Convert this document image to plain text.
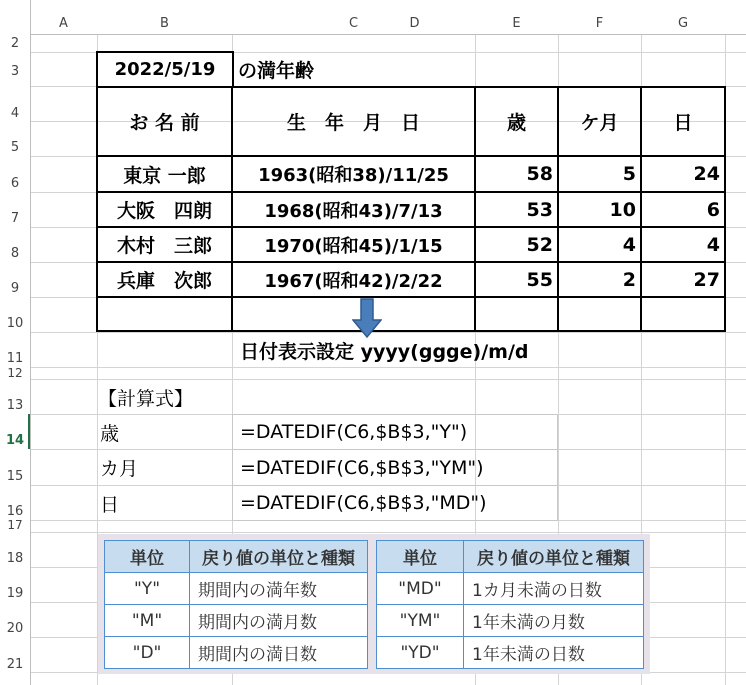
A	B	C	D	E	F	G
2
3
4
5
6
7
8
9
10
11
12
13
14
15
16
17
18
19
20
21
2022/5/19	の満年齢
お 名 前	生　年　月　日	歳	ケ月	日
東京 一郎	1963(昭和38)/11/25	58	5	24
大阪　四朗	1968(昭和43)/7/13	53	10	6
木村　三郎	1970(昭和45)/1/15	52	4	4
兵庫　次郎	1967(昭和42)/2/22	55	2	27
日付表示設定 yyyy(ggge)/m/d
【計算式】
歳	=DATEDIF(C6,$B$3,"Y")
カ月	=DATEDIF(C6,$B$3,"YM")
日	=DATEDIF(C6,$B$3,"MD")
単位	戻り値の単位と種類
"Y"	期間内の満年数
"M"	期間内の満月数
"D"	期間内の満日数
単位	戻り値の単位と種類
"MD"	1カ月未満の日数
"YM"	1年未満の月数
"YD"	1年未満の日数
